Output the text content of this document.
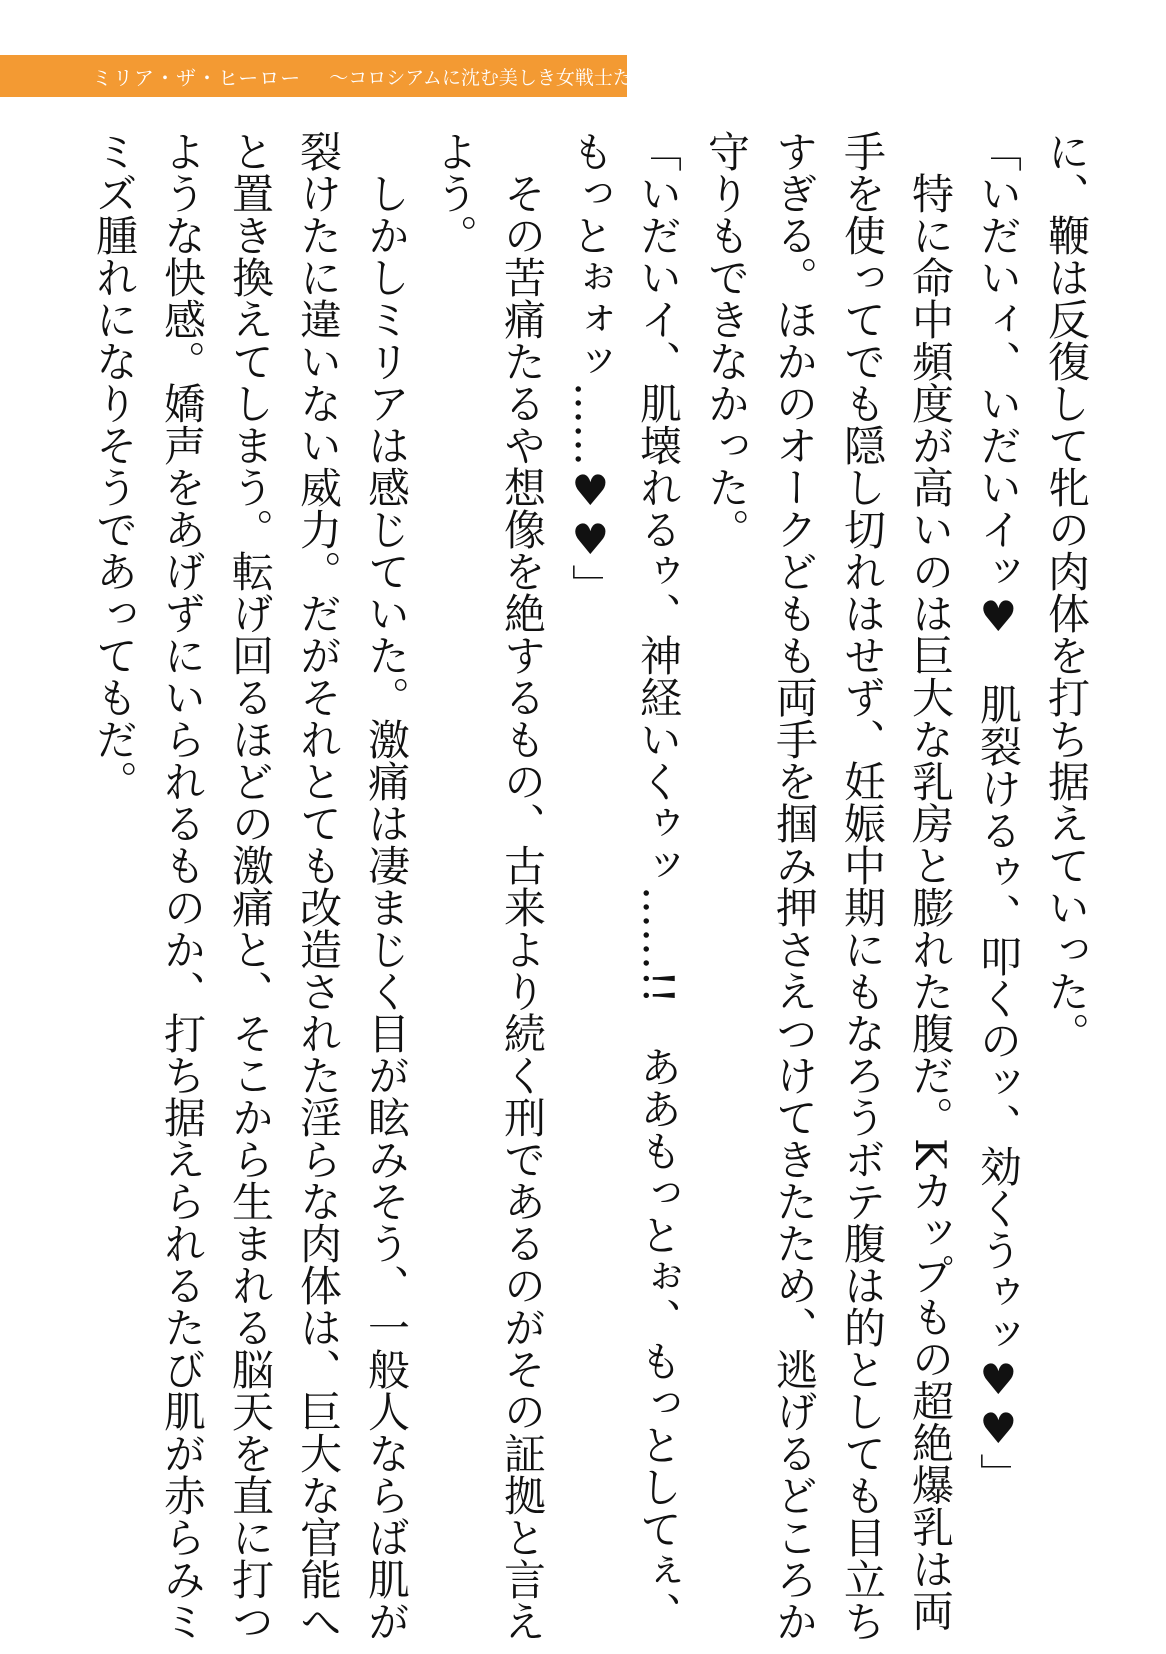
ミリア・ザ・ヒーロー ～コロシアムに沈む美しき女戦士たち～
に、鞭は反復して牝の肉体を打ち据えていった。
「いだいィ、いだいイッ♥　肌裂けるゥ、叩くのッ、効くうゥッ♥♥」
　特に命中頻度が高いのは巨大な乳房と膨れた腹だ。Kカップもの超絶爆乳は両
手を使ってでも隠し切れはせず、妊娠中期にもなろうボテ腹は的としても目立ち
すぎる。ほかのオークどもも両手を掴み押さえつけてきたため、逃げるどころか
守りもできなかった。
「いだいイ、肌壊れるゥ、神経いくゥッ……!!　ああもっとぉ、もっとしてぇ、
もっとぉォッ……♥♥」
　その苦痛たるや想像を絶するもの、古来より続く刑であるのがその証拠と言え
よう。
　しかしミリアは感じていた。激痛は凄まじく目が眩みそう、一般人ならば肌が
裂けたに違いない威力。だがそれとても改造された淫らな肉体は、巨大な官能へ
と置き換えてしまう。転げ回るほどの激痛と、そこから生まれる脳天を直に打つ
ような快感。嬌声をあげずにいられるものか、打ち据えられるたび肌が赤らみミ
ミズ腫れになりそうであってもだ。
